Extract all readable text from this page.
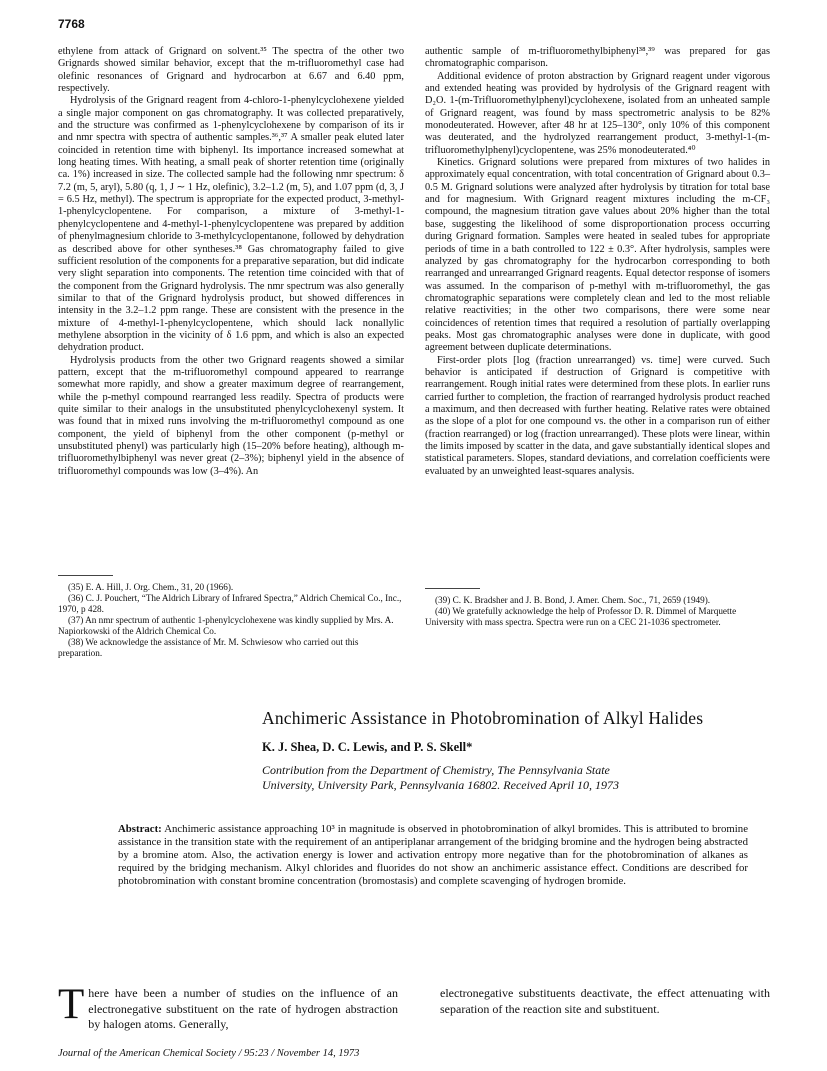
7768

ethylene from attack of Grignard on solvent.³⁵ The spectra of the other two Grignards showed similar behavior, except that the m-trifluoromethyl case had olefinic resonances of Grignard and hydrocarbon at 6.67 and 6.40 ppm, respectively.

Hydrolysis of the Grignard reagent from 4-chloro-1-phenylcyclohexene yielded a single major component on gas chromatography. It was collected preparatively, and the structure was confirmed as 1-phenylcyclohexene by comparison of its ir and nmr spectra with spectra of authentic samples.³⁶,³⁷ A smaller peak eluted later coincided in retention time with biphenyl. Its importance increased somewhat at long heating times. With heating, a small peak of shorter retention time (originally ca. 1%) increased in size. The collected sample had the following nmr spectrum: δ 7.2 (m, 5, aryl), 5.80 (q, 1, J ∼ 1 Hz, olefinic), 3.2–1.2 (m, 5), and 1.07 ppm (d, 3, J = 6.5 Hz, methyl). The spectrum is appropriate for the expected product, 3-methyl-1-phenylcyclopentene. For comparison, a mixture of 3-methyl-1-phenylcyclopentene and 4-methyl-1-phenylcyclopentene was prepared by addition of phenylmagnesium chloride to 3-methylcyclopentanone, followed by dehydration as described above for other syntheses.³⁸ Gas chromatography failed to give sufficient resolution of the components for a preparative separation, but did indicate very slight separation into components. The retention time coincided with that of the component from the Grignard hydrolysis. The nmr spectrum was also generally similar to that of the Grignard hydrolysis product, but showed differences in intensity in the 3.2–1.2 ppm range. These are consistent with the presence in the mixture of 4-methyl-1-phenylcyclopentene, which should lack nonallylic methylene absorption in the vicinity of δ 1.6 ppm, and which is also an expected dehydration product.

Hydrolysis products from the other two Grignard reagents showed a similar pattern, except that the m-trifluoromethyl compound appeared to rearrange somewhat more rapidly, and show a greater maximum degree of rearrangement, while the p-methyl compound rearranged less readily. Spectra of products were quite similar to their analogs in the unsubstituted phenylcyclohexenyl system. It was found that in mixed runs involving the m-trifluoromethyl compound as one component, the yield of biphenyl from the other component (p-methyl or unsubstituted phenyl) was particularly high (15–20% before heating), although m-trifluoromethylbiphenyl was never great (2–3%); biphenyl yield in the absence of trifluoromethyl compounds was low (3–4%). An

(35) E. A. Hill, J. Org. Chem., 31, 20 (1966).

(36) C. J. Pouchert, “The Aldrich Library of Infrared Spectra,” Aldrich Chemical Co., Inc., 1970, p 428.

(37) An nmr spectrum of authentic 1-phenylcyclohexene was kindly supplied by Mrs. A. Napiorkowski of the Aldrich Chemical Co.

(38) We acknowledge the assistance of Mr. M. Schwiesow who carried out this preparation.

authentic sample of m-trifluoromethylbiphenyl³⁸,³⁹ was prepared for gas chromatographic comparison.

Additional evidence of proton abstraction by Grignard reagent under vigorous and extended heating was provided by hydrolysis of the Grignard reagent with D₂O. 1-(m-Trifluoromethylphenyl)cyclohexene, isolated from an unheated sample of Grignard reagent, was found by mass spectrometric analysis to be 82% monodeuterated. However, after 48 hr at 125–130°, only 10% of this component was deuterated, and the hydrolyzed rearrangement product, 3-methyl-1-(m-trifluoromethylphenyl)cyclopentene, was 25% monodeuterated.⁴⁰

Kinetics. Grignard solutions were prepared from mixtures of two halides in approximately equal concentration, with total concentration of Grignard about 0.3–0.5 M. Grignard solutions were analyzed after hydrolysis by titration for total base and for magnesium. With Grignard reagent mixtures including the m-CF₃ compound, the magnesium titration gave values about 20% higher than the total base, suggesting the likelihood of some disproportionation process occurring during Grignard formation. Samples were heated in sealed tubes for appropriate periods of time in a bath controlled to 122 ± 0.3°. After hydrolysis, samples were analyzed by gas chromatography for the hydrocarbon corresponding to both rearranged and unrearranged Grignard reagents. Equal detector response of isomers was assumed. In the comparison of p-methyl with m-trifluoromethyl, the gas chromatographic separations were completely clean and led to the most reliable relative reactivities; in the other two comparisons, there were some near coincidences of retention times that required a resolution of partially overlapping peaks. Most gas chromatographic analyses were done in duplicate, with good agreement between duplicate determinations.

First-order plots [log (fraction unrearranged) vs. time] were curved. Such behavior is anticipated if destruction of Grignard is competitive with rearrangement. Rough initial rates were determined from these plots. In earlier runs carried further to completion, the fraction of rearranged hydrolysis product reached a maximum, and then decreased with further heating. Relative rates were obtained as the slope of a plot for one compound vs. the other in a comparison run of either (fraction rearranged) or log (fraction unrearranged). These plots were linear, within the limits imposed by scatter in the data, and gave substantially identical slopes and statistical parameters. Slopes, standard deviations, and correlation coefficients were evaluated by an unweighted least-squares analysis.

(39) C. K. Bradsher and J. B. Bond, J. Amer. Chem. Soc., 71, 2659 (1949).

(40) We gratefully acknowledge the help of Professor D. R. Dimmel of Marquette University with mass spectra. Spectra were run on a CEC 21-1036 spectrometer.

Anchimeric Assistance in Photobromination of Alkyl Halides
K. J. Shea, D. C. Lewis, and P. S. Skell*
Contribution from the Department of Chemistry, The Pennsylvania State
University, University Park, Pennsylvania 16802. Received April 10, 1973
Abstract: Anchimeric assistance approaching 10³ in magnitude is observed in photobromination of alkyl bromides. This is attributed to bromine assistance in the transition state with the requirement of an antiperiplanar arrangement of the bridging bromine and the hydrogen being abstracted by a bromine atom. Also, the activation energy is lower and activation entropy more negative than for the photobromination of alkanes as required by the bridging mechanism. Alkyl chlorides and fluorides do not show an anchimeric assistance effect. Conditions are described for photobromination with constant bromine concentration (bromostasis) and complete scavenging of hydrogen bromide.
There have been a number of studies on the influence of an electronegative substituent on the rate of hydrogen abstraction by halogen atoms. Generally,
electronegative substituents deactivate, the effect attenuating with separation of the reaction site and substituent.
Journal of the American Chemical Society / 95:23 / November 14, 1973
